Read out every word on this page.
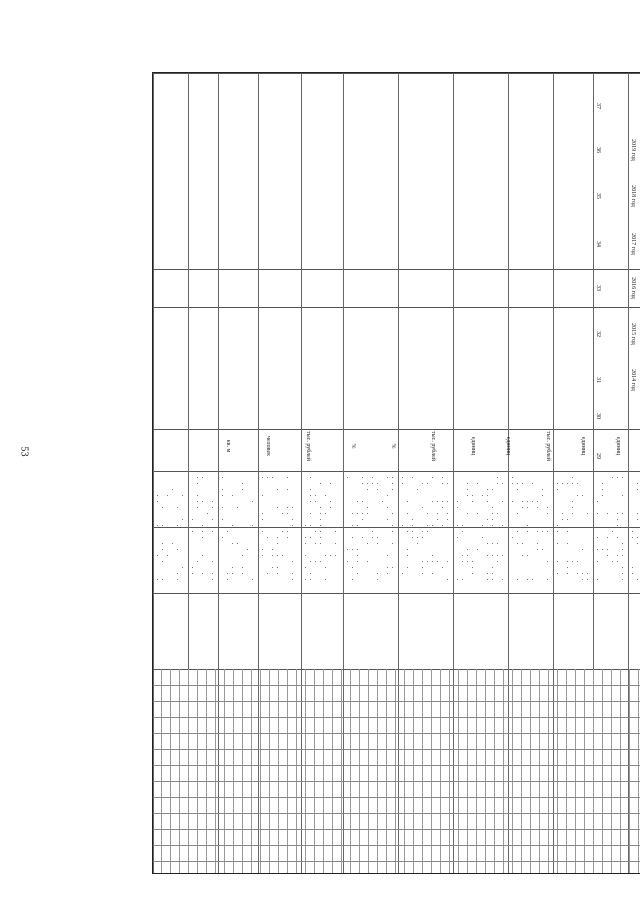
53
2014 год
2015 год
2016 год
2017 год
2018 год
2019 год
29
30
31
32
33
34
35
36
37
единиц
единиц
тыс. рублей
единиц
единиц
тыс. рублей
%
%
тыс. рублей
человек
кв. м
